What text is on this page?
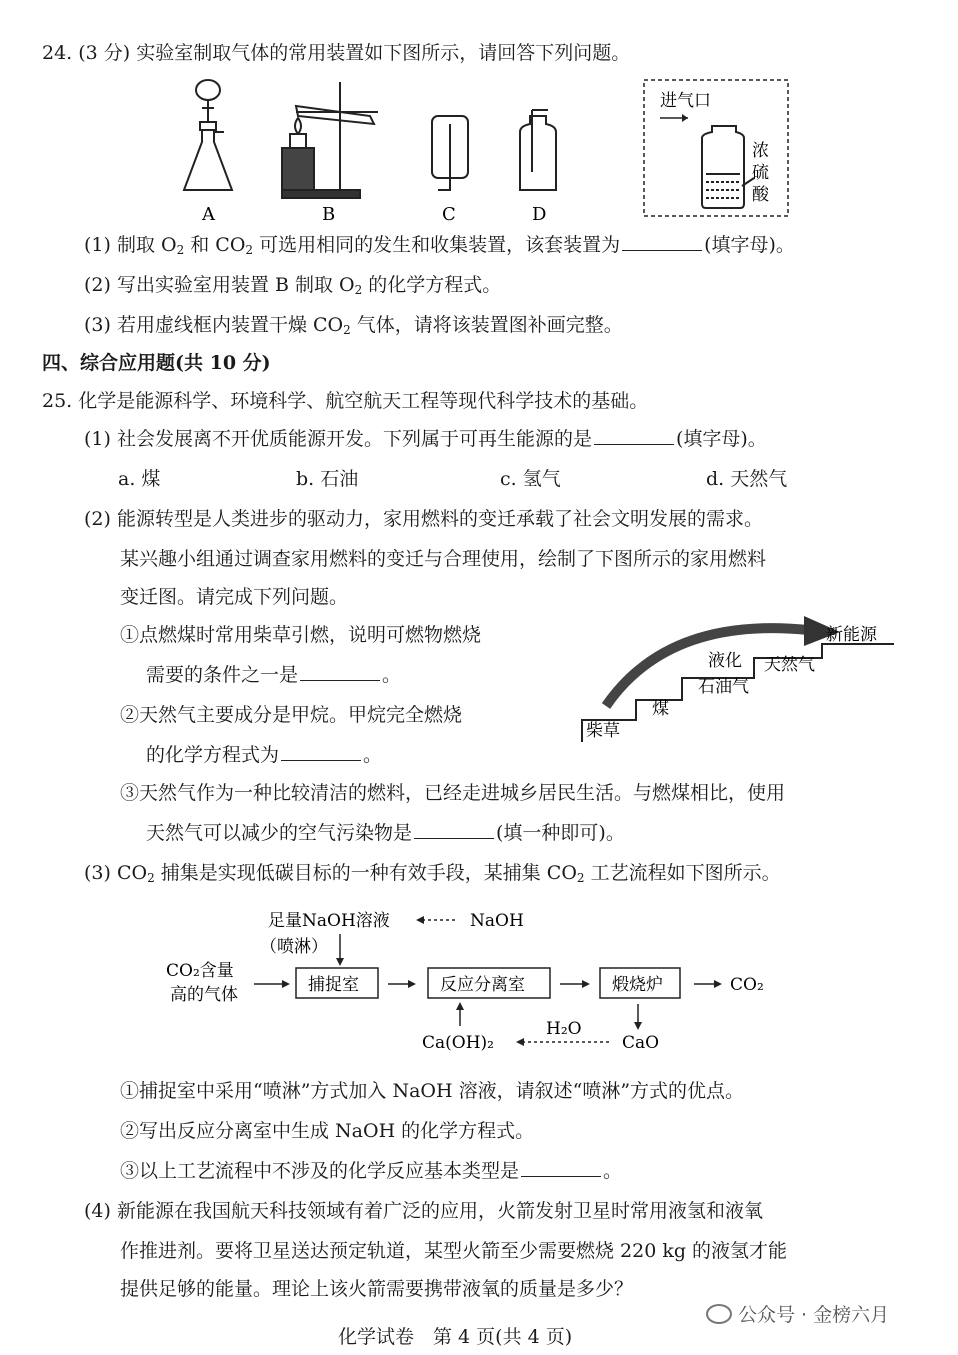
24. (3 分) 实验室制取气体的常用装置如下图所示，请回答下列问题。
A	B	C	D
进气口
浓
硫
酸
(1) 制取 $O_2$ 和 $CO_2$ 可选用相同的发生和收集装置，该套装置为	(填字母)。
(2) 写出实验室用装置 B 制取 $O_2$ 的化学方程式。
(3) 若用虚线框内装置干燥 $CO_2$ 气体，请将该装置图补画完整。
四、综合应用题(共 10 分)
25. 化学是能源科学、环境科学、航空航天工程等现代科学技术的基础。
(1) 社会发展离不开优质能源开发。下列属于可再生能源的是	(填字母)。
a. 煤	b. 石油	c. 氢气	d. 天然气
(2) 能源转型是人类进步的驱动力，家用燃料的变迁承载了社会文明发展的需求。
某兴趣小组通过调查家用燃料的变迁与合理使用，绘制了下图所示的家用燃料
变迁图。请完成下列问题。
①点燃煤时常用柴草引燃，说明可燃物燃烧
需要的条件之一是	。
②天然气主要成分是甲烷。甲烷完全燃烧
的化学方程式为	。
柴草
煤
液化
石油气
天然气
新能源
③天然气作为一种比较清洁的燃料，已经走进城乡居民生活。与燃煤相比，使用
天然气可以减少的空气污染物是	(填一种即可)。
(3) $CO_2$ 捕集是实现低碳目标的一种有效手段，某捕集 $CO_2$ 工艺流程如下图所示。
足量NaOH溶液
（喷淋）
NaOH
CO₂含量
高的气体	捕捉室	反应分离室	煅烧炉	CO₂
Ca(OH)₂	CaO
H₂O
①捕捉室中采用“喷淋”方式加入 NaOH 溶液，请叙述“喷淋”方式的优点。
②写出反应分离室中生成 NaOH 的化学方程式。
③以上工艺流程中不涉及的化学反应基本类型是	。
(4) 新能源在我国航天科技领域有着广泛的应用，火箭发射卫星时常用液氢和液氧
作推进剂。要将卫星送达预定轨道，某型火箭至少需要燃烧 220 kg 的液氢才能
提供足够的能量。理论上该火箭需要携带液氧的质量是多少？
公众号 · 金榜六月
化学试卷　第 4 页(共 4 页)
